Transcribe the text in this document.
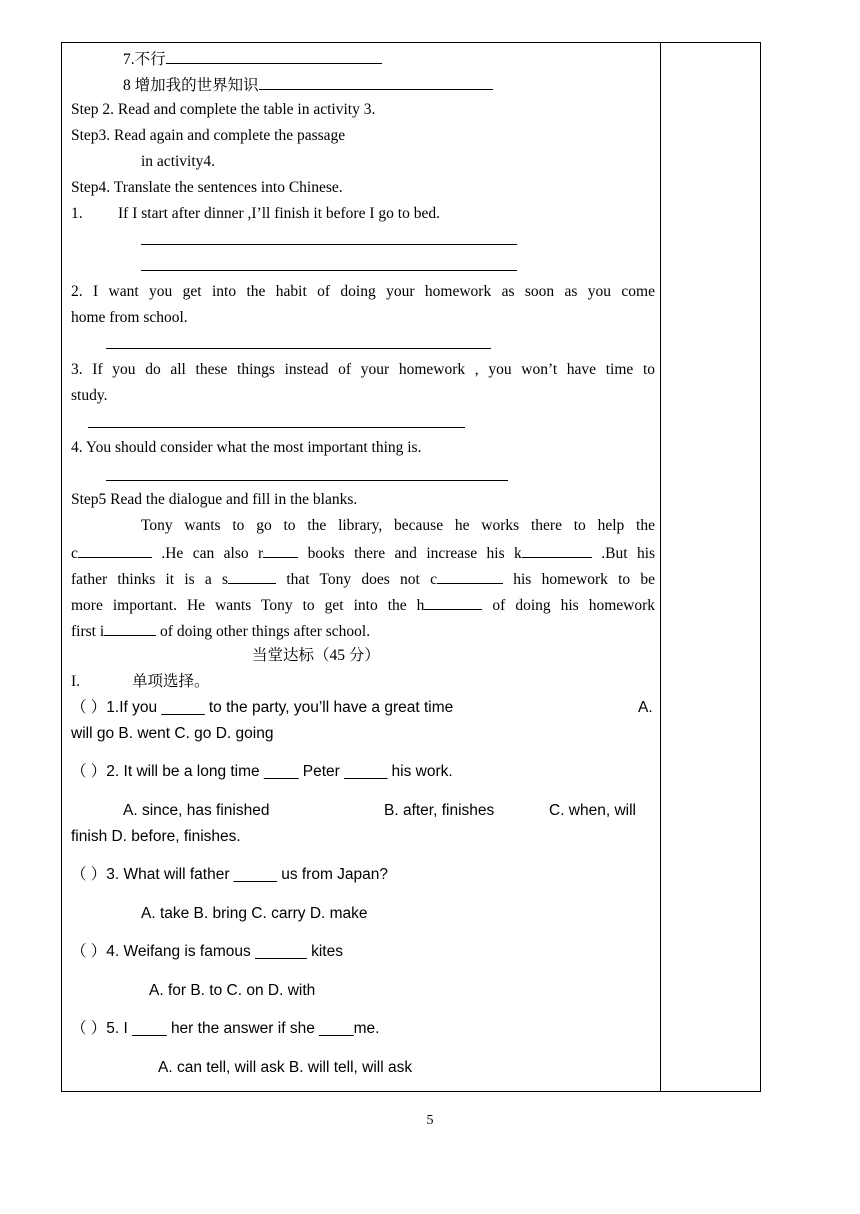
7.不行
8 增加我的世界知识
Step 2. Read and complete the table in activity 3.
Step3. Read again and complete the passage
in activity4.
Step4. Translate the sentences into Chinese.
1. If I start after dinner ,I’ll finish it before I go to bed.
2. I want you get into the habit of doing your homework as soon as you come
home from school.
3. If you do all these things instead of your homework , you won’t have time to
study.
4. You should consider what the most important thing is.
Step5 Read the dialogue and fill in the blanks.
Tony wants to go to the library, because he works there to help the
c	.He can also r	books there and increase his k	.But his
father thinks it is a s	that Tony does not c	his homework to be
more important. He wants Tony to get into the h	of doing his homework
first i	of doing other things after school.
当堂达标（45 分）
I.	单项选择。
（ ）1.If you _____ to the party, you’ll have a great time	A.
will go B. went C. go D. going
（ ）2. It will be a long time ____ Peter _____ his work.
A. since, has finished	B. after, finishes	C. when, will
finish D. before, finishes.
（ ）3. What will father _____ us from Japan?
A. take B. bring C. carry D. make
（ ）4. Weifang is famous ______ kites
A. for B. to C. on D. with
（ ）5. I ____ her the answer if she ____me.
A. can tell, will ask B. will tell, will ask
5
